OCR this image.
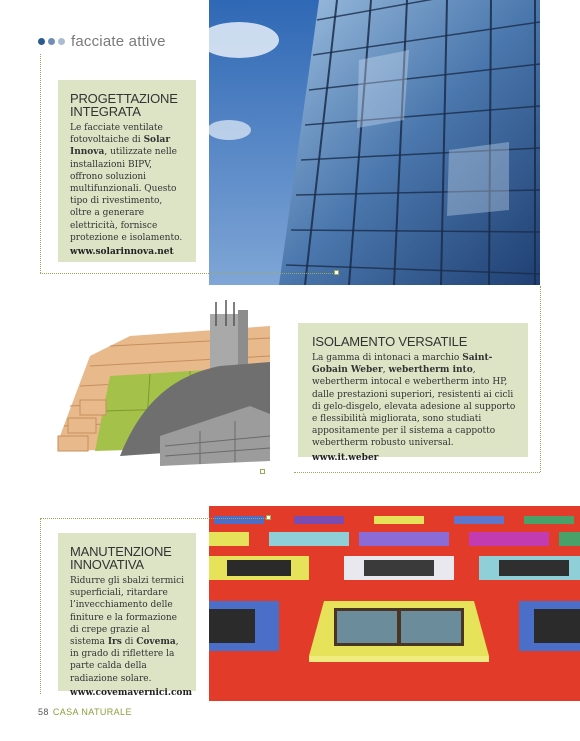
facciate attive
PROGETTAZIONE INTEGRATA
Le facciate ventilate fotovoltaiche di Solar Innova, utilizzate nelle installazioni BIPV, offrono soluzioni multifunzionali. Questo tipo di rivestimento, oltre a generare elettricità, fornisce protezione e isolamento.
www.solarinnova.net
ISOLAMENTO VERSATILE
La gamma di intonaci a marchio Saint-Gobain Weber, webertherm into, webertherm intocal e webertherm into HP, dalle prestazioni superiori, resistenti ai cicli di gelo-disgelo, elevata adesione al supporto e flessibilità migliorata, sono studiati appositamente per il sistema a cappotto webertherm robusto universal.
www.it.weber
MANUTENZIONE INNOVATIVA
Ridurre gli sbalzi termici superficiali, ritardare l’invecchiamento delle finiture e la formazione di crepe grazie al sistema Irs di Covema, in grado di riflettere la parte calda della radiazione solare.
www.covemavernici.com
58 CASA NATURALE
